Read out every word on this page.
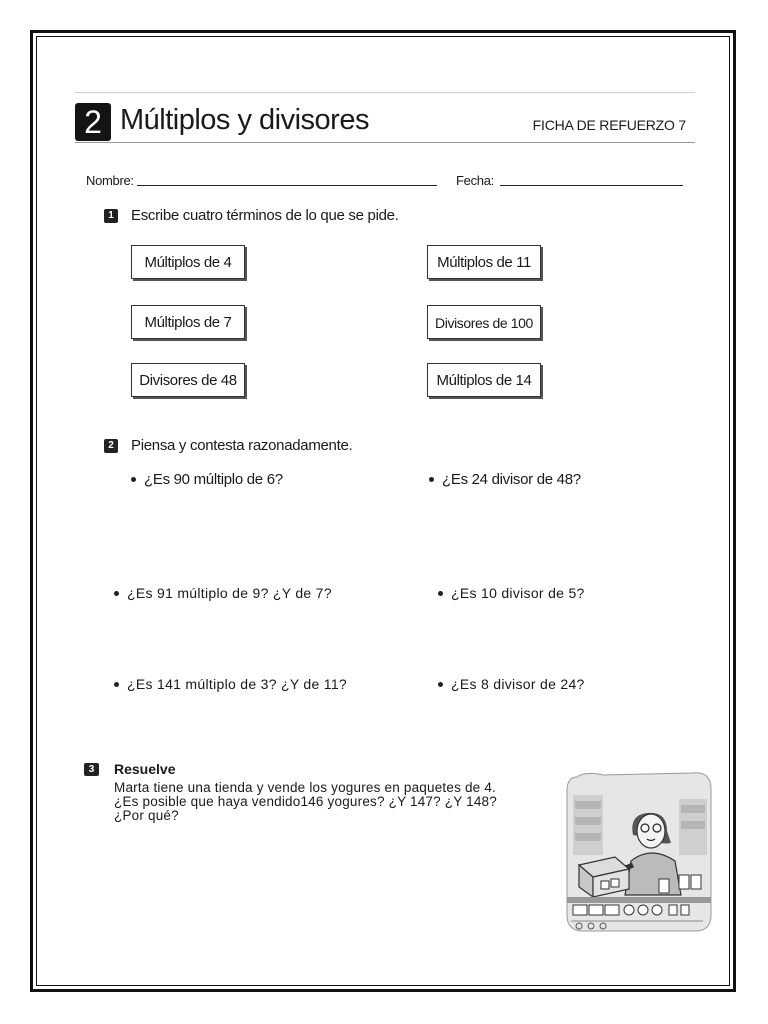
2 Múltiplos y divisores	FICHA DE REFUERZO 7
Nombre:	Fecha:
1 Escribe cuatro términos de lo que se pide.
Múltiplos de 4	Múltiplos de 11
Múltiplos de 7	Divisores de 100
Divisores de 48	Múltiplos de 14
2 Piensa y contesta razonadamente.
¿Es 90 múltiplo de 6?	¿Es 24 divisor de 48?
¿Es 91 múltiplo de 9? ¿Y de 7?	¿Es 10 divisor de 5?
¿Es 141 múltiplo de 3? ¿Y de 11?	¿Es 8 divisor de 24?
3	Resuelve
Marta tiene una tienda y vende los yogures en paquetes de 4.
¿Es posible que haya vendido146 yogures? ¿Y 147? ¿Y 148?
¿Por qué?
